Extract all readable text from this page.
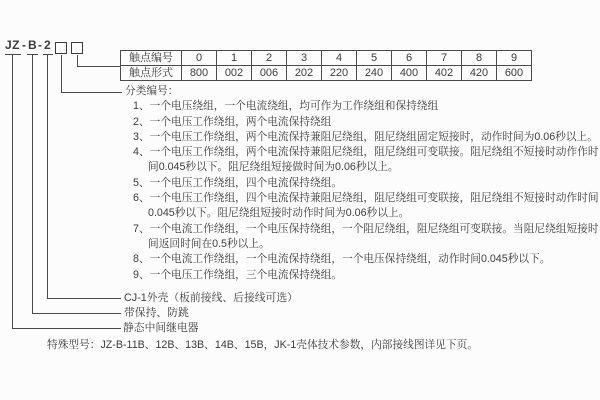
JZ - B - 2
触点编号	0	1	2	3	4	5	6	7	8	9
触点形式	800	002	006	202	220	240	400	402	420	600
分类编号：
1、一个电压绕组，一个电流绕组，均可作为工作绕组和保持绕组
2、一个电压工作绕组，两个电流保持绕组
3、一个电压工作绕组，两个电流保持兼阻尼绕组，阻尼绕组固定短接时，动作时间为0.06秒以上。
4、一个电压工作绕组，两个电流保持兼阻尼绕组，阻尼绕组可变联接。阻尼绕组不短接时动作作时
间0.045秒以下。阻尼绕组短接做时间为0.06秒以上。
5、一个电压工作绕组，四个电流保持绕组。
6、一个电压工作绕组，四个电流保持兼阻尼绕组，阻尼绕组可变联接，阻尼绕组不短接时动作时间
0.045秒以下。阻尼绕组短接时动作时间为0.06秒以上。
7、一个电流工作绕组，一个电压保持绕组，一个阻尼绕组，阻尼绕组可变联接。当阻尼绕组短接时
间返回时间在0.5秒以上。
8、一个电流工作绕组，一个电流保持绕组，一个电压保持绕组，动作时间0.045秒以下。
9、一个电压工作绕组，三个电流保持绕组。
CJ-1外壳（板前接线、后接线可选）
带保持、防跳
静态中间继电器
特殊型号：JZ-B-11B、12B、13B、14B、15B，JK-1壳体技术参数，内部接线图详见下页。
